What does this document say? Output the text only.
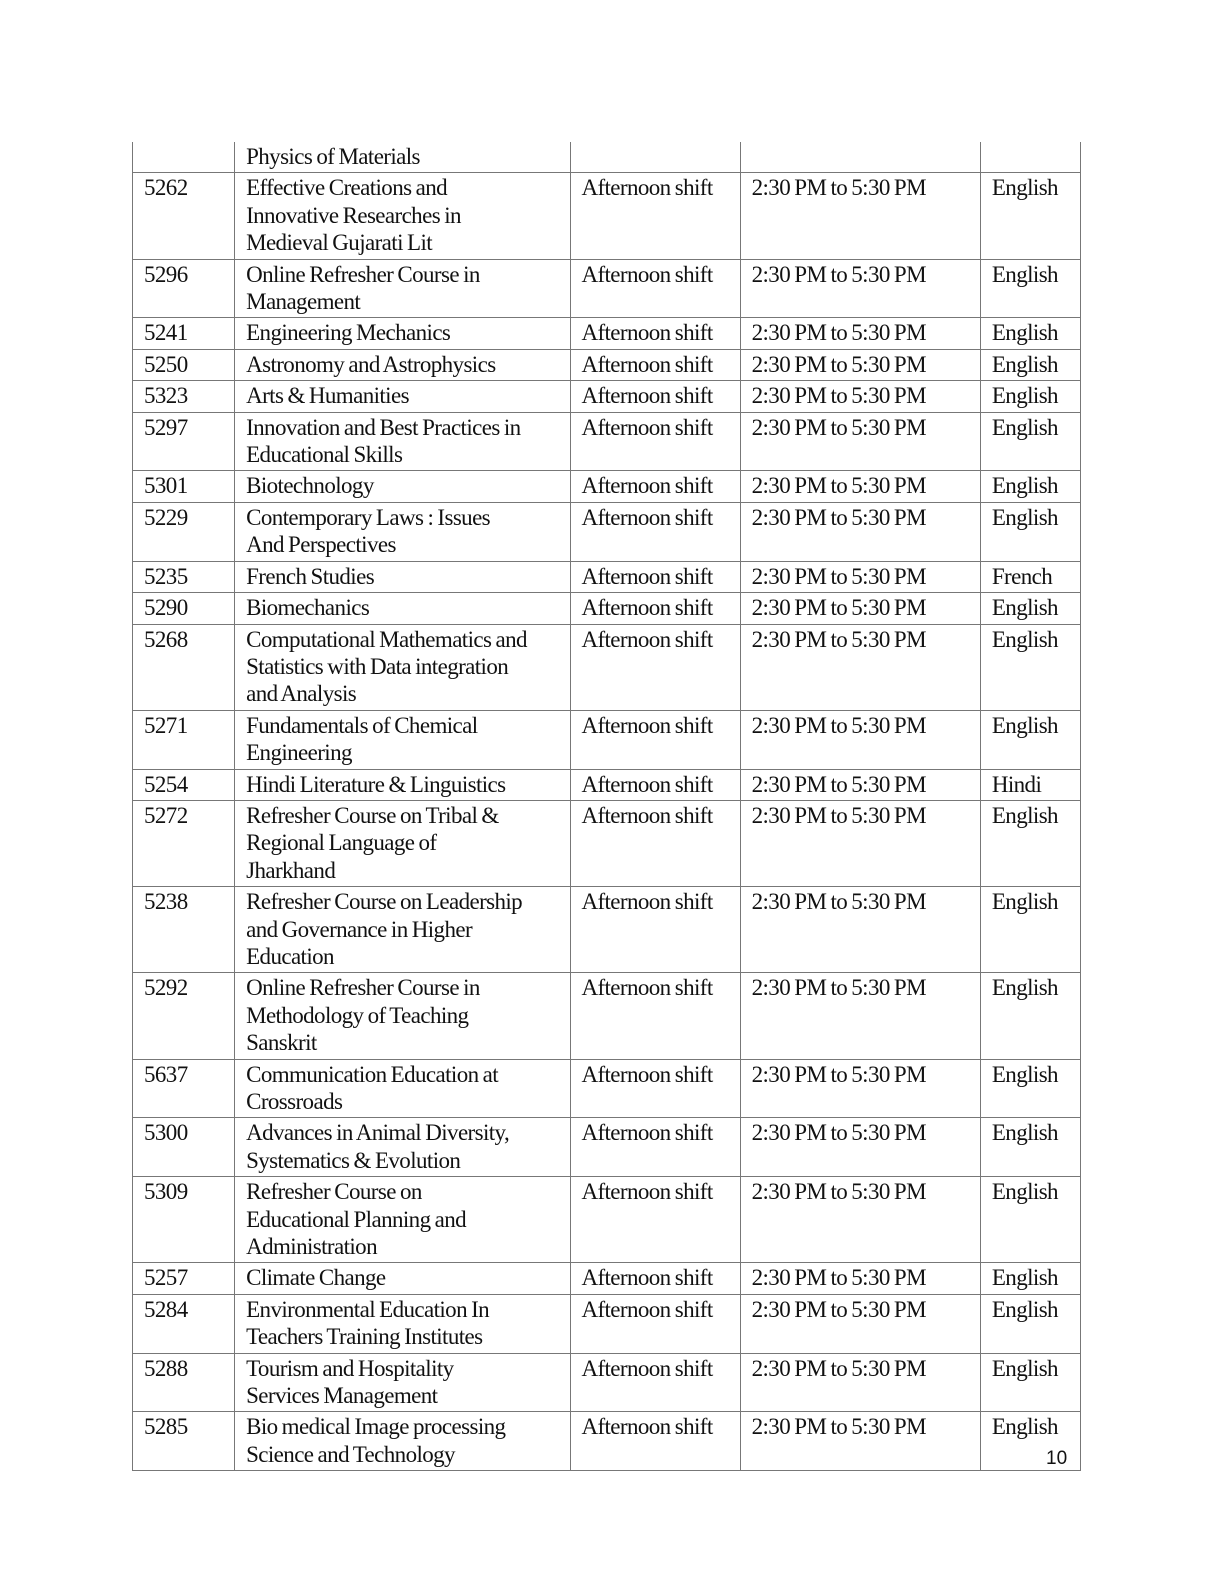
	Physics of Materials			

5262	Effective Creations and
Innovative Researches in
Medieval Gujarati Lit	Afternoon shift	2:30 PM to 5:30 PM	English
5296	Online Refresher Course in
Management	Afternoon shift	2:30 PM to 5:30 PM	English
5241	Engineering Mechanics	Afternoon shift	2:30 PM to 5:30 PM	English
5250	Astronomy and Astrophysics	Afternoon shift	2:30 PM to 5:30 PM	English
5323	Arts & Humanities	Afternoon shift	2:30 PM to 5:30 PM	English
5297	Innovation and Best Practices in
Educational Skills	Afternoon shift	2:30 PM to 5:30 PM	English
5301	Biotechnology	Afternoon shift	2:30 PM to 5:30 PM	English
5229	Contemporary Laws : Issues
And Perspectives	Afternoon shift	2:30 PM to 5:30 PM	English
5235	French Studies	Afternoon shift	2:30 PM to 5:30 PM	French
5290	Biomechanics	Afternoon shift	2:30 PM to 5:30 PM	English
5268	Computational Mathematics and
Statistics with Data integration
and Analysis	Afternoon shift	2:30 PM to 5:30 PM	English
5271	Fundamentals of Chemical
Engineering	Afternoon shift	2:30 PM to 5:30 PM	English
5254	Hindi Literature & Linguistics	Afternoon shift	2:30 PM to 5:30 PM	Hindi
5272	Refresher Course on Tribal &
Regional Language of
Jharkhand	Afternoon shift	2:30 PM to 5:30 PM	English
5238	Refresher Course on Leadership
and Governance in Higher
Education	Afternoon shift	2:30 PM to 5:30 PM	English
5292	Online Refresher Course in
Methodology of Teaching
Sanskrit	Afternoon shift	2:30 PM to 5:30 PM	English
5637	Communication Education at
Crossroads	Afternoon shift	2:30 PM to 5:30 PM	English
5300	Advances in Animal Diversity,
Systematics & Evolution	Afternoon shift	2:30 PM to 5:30 PM	English
5309	Refresher Course on
Educational Planning and
Administration	Afternoon shift	2:30 PM to 5:30 PM	English
5257	Climate Change	Afternoon shift	2:30 PM to 5:30 PM	English
5284	Environmental Education In
Teachers Training Institutes	Afternoon shift	2:30 PM to 5:30 PM	English
5288	Tourism and Hospitality
Services Management	Afternoon shift	2:30 PM to 5:30 PM	English
5285	Bio medical Image processing
Science and Technology	Afternoon shift	2:30 PM to 5:30 PM	English
10
